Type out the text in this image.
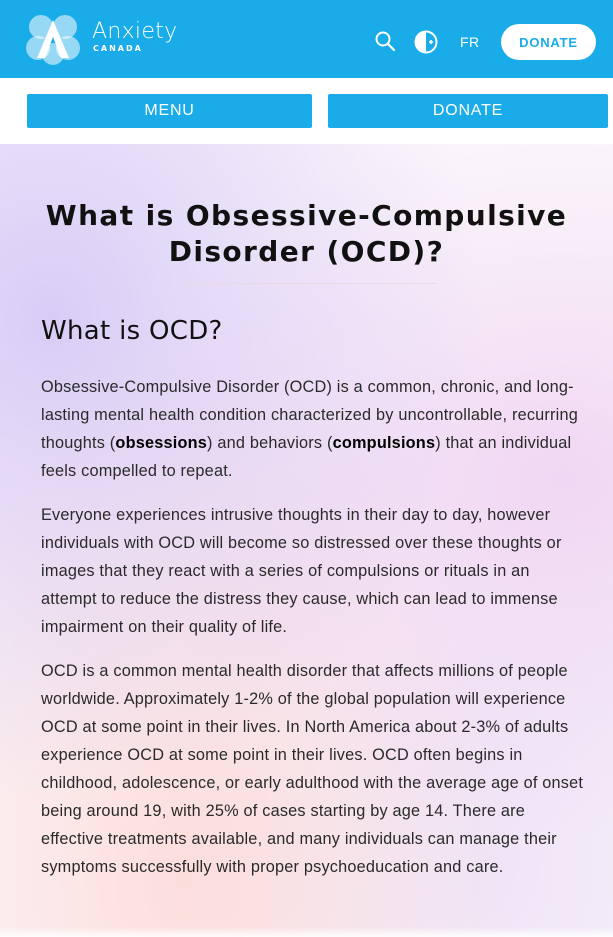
Anxiety
CANADA	FR	DONATE
MENU	DONATE
What is Obsessive-Compulsive Disorder (OCD)?
What is OCD?

Obsessive-Compulsive Disorder (OCD) is a common, chronic, and long-lasting mental health condition characterized by uncontrollable, recurring thoughts (obsessions) and behaviors (compulsions) that an individual feels compelled to repeat.

Everyone experiences intrusive thoughts in their day to day, however individuals with OCD will become so distressed over these thoughts or images that they react with a series of compulsions or rituals in an attempt to reduce the distress they cause, which can lead to immense impairment on their quality of life.

OCD is a common mental health disorder that affects millions of people worldwide. Approximately 1-2% of the global population will experience OCD at some point in their lives. In North America about 2-3% of adults experience OCD at some point in their lives. OCD often begins in childhood, adolescence, or early adulthood with the average age of onset being around 19, with 25% of cases starting by age 14. There are effective treatments available, and many individuals can manage their symptoms successfully with proper psychoeducation and care.
